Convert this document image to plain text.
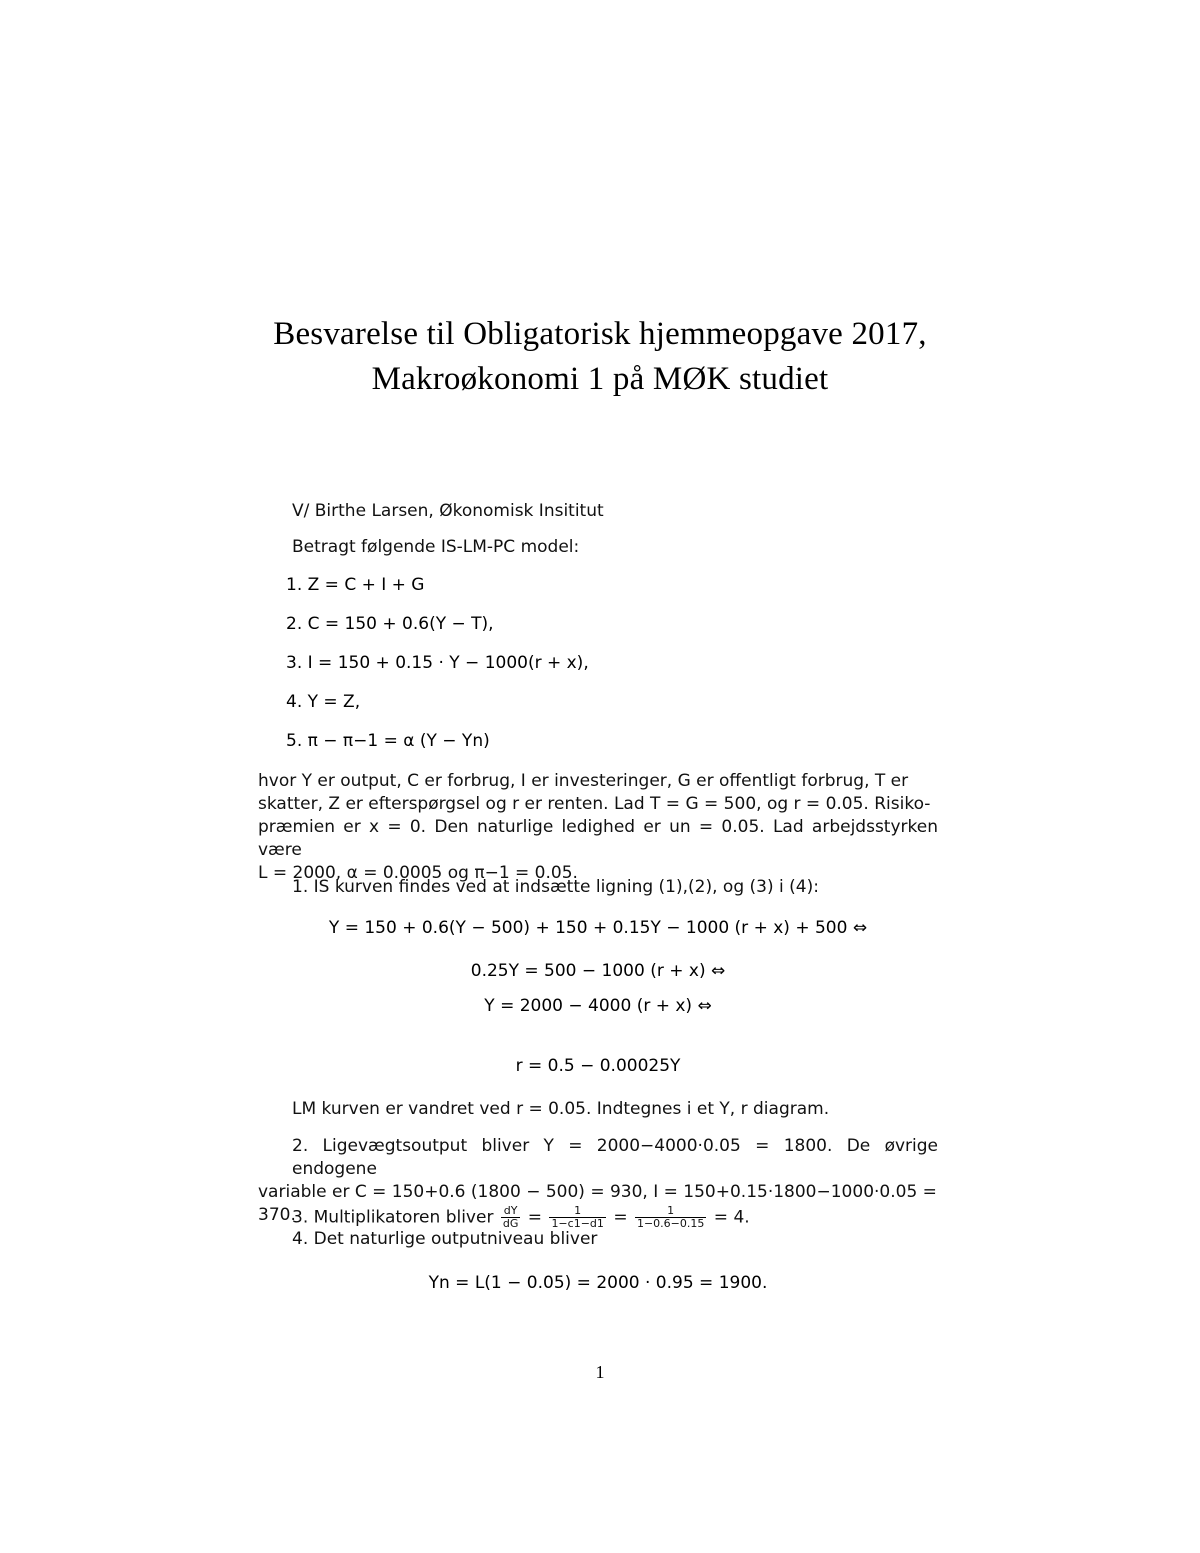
Besvarelse til Obligatorisk hjemmeopgave 2017,
Makroøkonomi 1 på MØK studiet
V/ Birthe Larsen, Økonomisk Insititut
Betragt følgende IS-LM-PC model:
1. Z = C + I + G
2. C = 150 + 0.6(Y − T),
3. I = 150 + 0.15 · Y − 1000(r + x),
4. Y = Z,
5. π − π−1 = α (Y − Yn)
hvor Y er output, C er forbrug, I er investeringer, G er offentligt forbrug, T er
skatter, Z er efterspørgsel og r er renten. Lad T = G = 500, og r = 0.05. Risiko-
præmien er x = 0. Den naturlige ledighed er un = 0.05. Lad arbejdsstyrken være
L = 2000, α = 0.0005 og π−1 = 0.05.
1. IS kurven findes ved at indsætte ligning (1),(2), og (3) i (4):
Y = 150 + 0.6(Y − 500) + 150 + 0.15Y − 1000 (r + x) + 500 ⇔
0.25Y = 500 − 1000 (r + x) ⇔
Y = 2000 − 4000 (r + x) ⇔
r = 0.5 − 0.00025Y
LM kurven er vandret ved r = 0.05. Indtegnes i et Y, r diagram.
2. Ligevægtsoutput bliver Y = 2000−4000·0.05 = 1800. De øvrige endogene
variable er C = 150+0.6 (1800 − 500) = 930, I = 150+0.15·1800−1000·0.05 =
370.
3. Multiplikatoren bliver $\frac{dY}{dG} = \frac{1}{1-c1-d1} = \frac{1}{1-0.6-0.15} = 4$.
4. Det naturlige outputniveau bliver
Yn = L(1 − 0.05) = 2000 · 0.95 = 1900.
1
